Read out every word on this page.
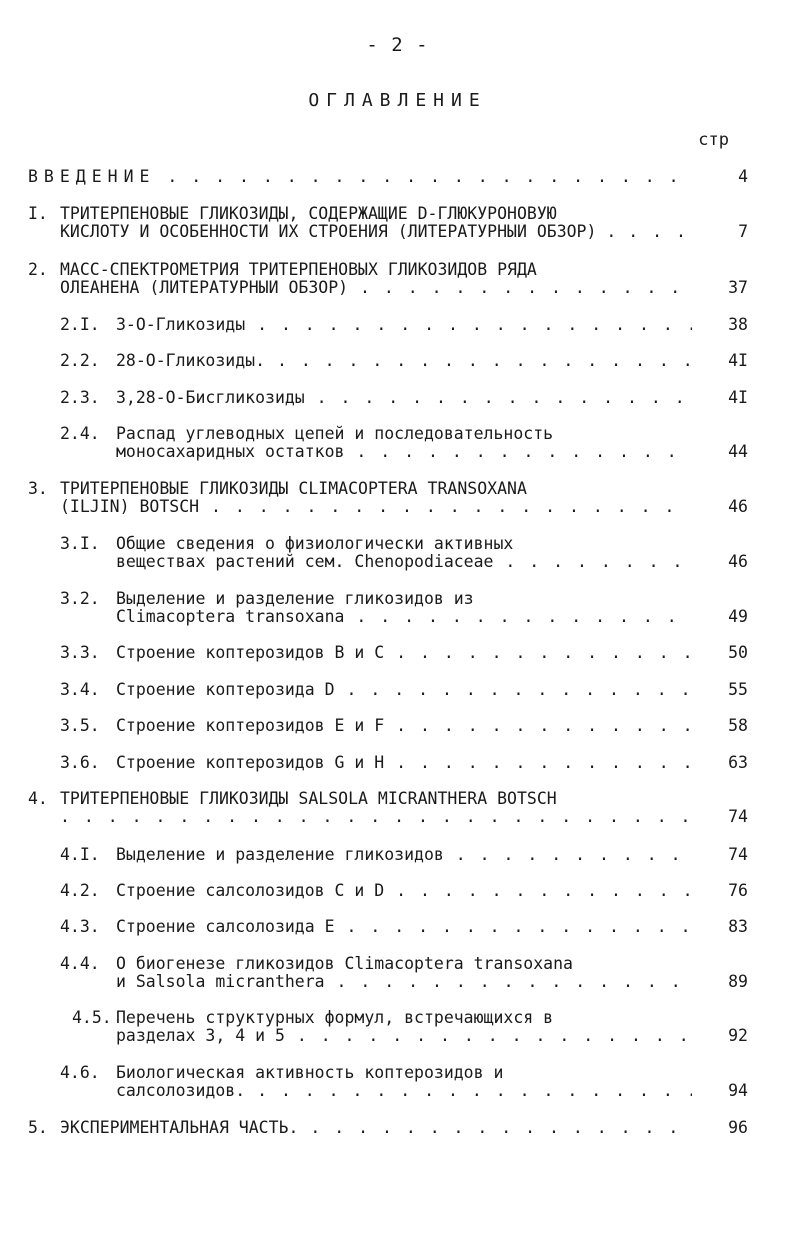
- 2 -
ОГЛАВЛЕНИЕ
стр
ВВЕДЕНИЕ . . .	4
I. ТРИТЕРПЕНОВЫЕ ГЛИКОЗИДЫ, СОДЕРЖАЩИЕ D-ГЛЮКУРОНОВУЮ
КИСЛОТУ И ОСОБЕННОСТИ ИХ СТРОЕНИЯ (ЛИТЕРАТУРНЫЙ ОБЗОР) . . . .	7
2. МАСС-СПЕКТРОМЕТРИЯ ТРИТЕРПЕНОВЫХ ГЛИКОЗИДОВ РЯДА
ОЛЕАНЕНА (ЛИТЕРАТУРНЫЙ ОБЗОР) . . .	37
2.I. 3-О-Гликозиды . . .	38
2.2. 28-О-Гликозиды. . . .	4I
2.3. 3,28-О-Бисгликозиды . . .	4I
2.4. Распад углеводных цепей и последовательность
моносахаридных остатков . . .	44
3. ТРИТЕРПЕНОВЫЕ ГЛИКОЗИДЫ CLIMACOPTERA TRANSOXANA
(ILJIN) BOTSCH . . .	46
3.I. Общие сведения о физиологически активных
веществах растений сем. Chenopodiaceae . . .	46
3.2. Выделение и разделение гликозидов из
Climacoptera transoxana . . .	49
3.3. Строение коптерозидов В и С . . .	50
3.4. Строение коптерозида D . . .	55
3.5. Строение коптерозидов Е и F . . .	58
3.6. Строение коптерозидов G и Н . . .	63
4. ТРИТЕРПЕНОВЫЕ ГЛИКОЗИДЫ SALSOLA MICRANTHERA BOTSCH
. . .
74
4.I. Выделение и разделение гликозидов . . .	74
4.2. Строение салсолозидов С и D . . .	76
4.3. Строение салсолозида Е . . .	83
4.4. О биогенезе гликозидов Climacoptera transoxana
и Salsola micranthera . . .	89
4.5. Перечень структурных формул, встречающихся в
разделах 3, 4 и 5 . . .	92
4.6. Биологическая активность коптерозидов и
салсолозидов. . . .	94
5. ЭКСПЕРИМЕНТАЛЬНАЯ ЧАСТЬ. . . .	96
